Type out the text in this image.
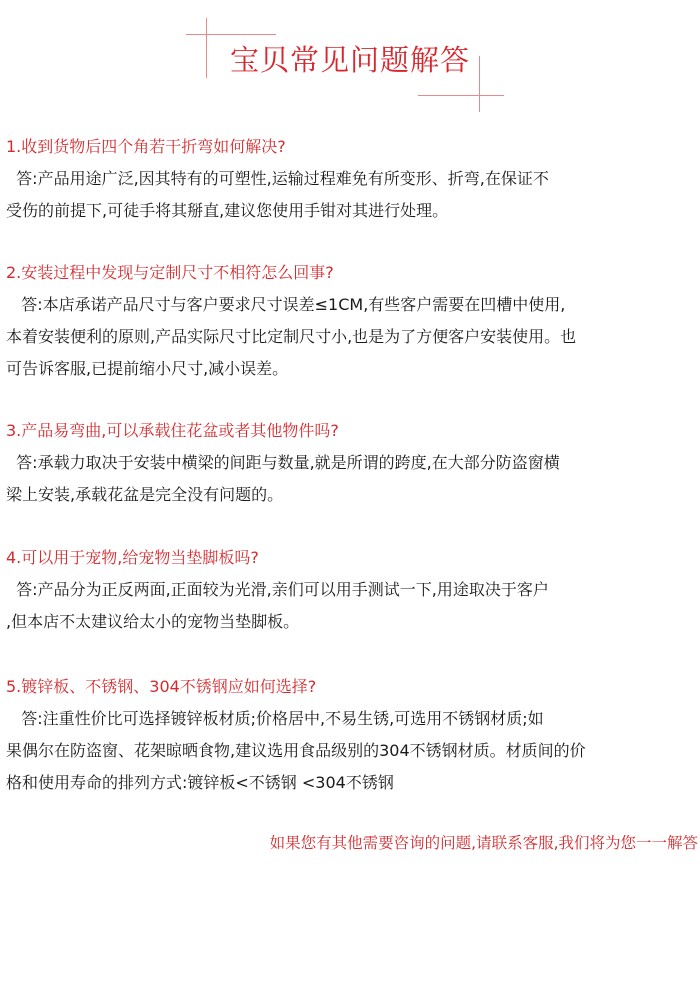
宝贝常见问题解答
1.收到货物后四个角若干折弯如何解决?
答:产品用途广泛,因其特有的可塑性,运输过程难免有所变形、折弯,在保证不
受伤的前提下,可徒手将其掰直,建议您使用手钳对其进行处理。
2.安装过程中发现与定制尺寸不相符怎么回事?
答:本店承诺产品尺寸与客户要求尺寸误差≤1CM,有些客户需要在凹槽中使用,
本着安装便利的原则,产品实际尺寸比定制尺寸小,也是为了方便客户安装使用。也
可告诉客服,已提前缩小尺寸,减小误差。
3.产品易弯曲,可以承载住花盆或者其他物件吗?
答:承载力取决于安装中横梁的间距与数量,就是所谓的跨度,在大部分防盗窗横
梁上安装,承载花盆是完全没有问题的。
4.可以用于宠物,给宠物当垫脚板吗?
答:产品分为正反两面,正面较为光滑,亲们可以用手测试一下,用途取决于客户
,但本店不太建议给太小的宠物当垫脚板。
5.镀锌板、不锈钢、304不锈钢应如何选择?
答:注重性价比可选择镀锌板材质;价格居中,不易生锈,可选用不锈钢材质;如
果偶尔在防盗窗、花架晾晒食物,建议选用食品级别的304不锈钢材质。材质间的价
格和使用寿命的排列方式:镀锌板<不锈钢 <304不锈钢
如果您有其他需要咨询的问题,请联系客服,我们将为您一一解答
